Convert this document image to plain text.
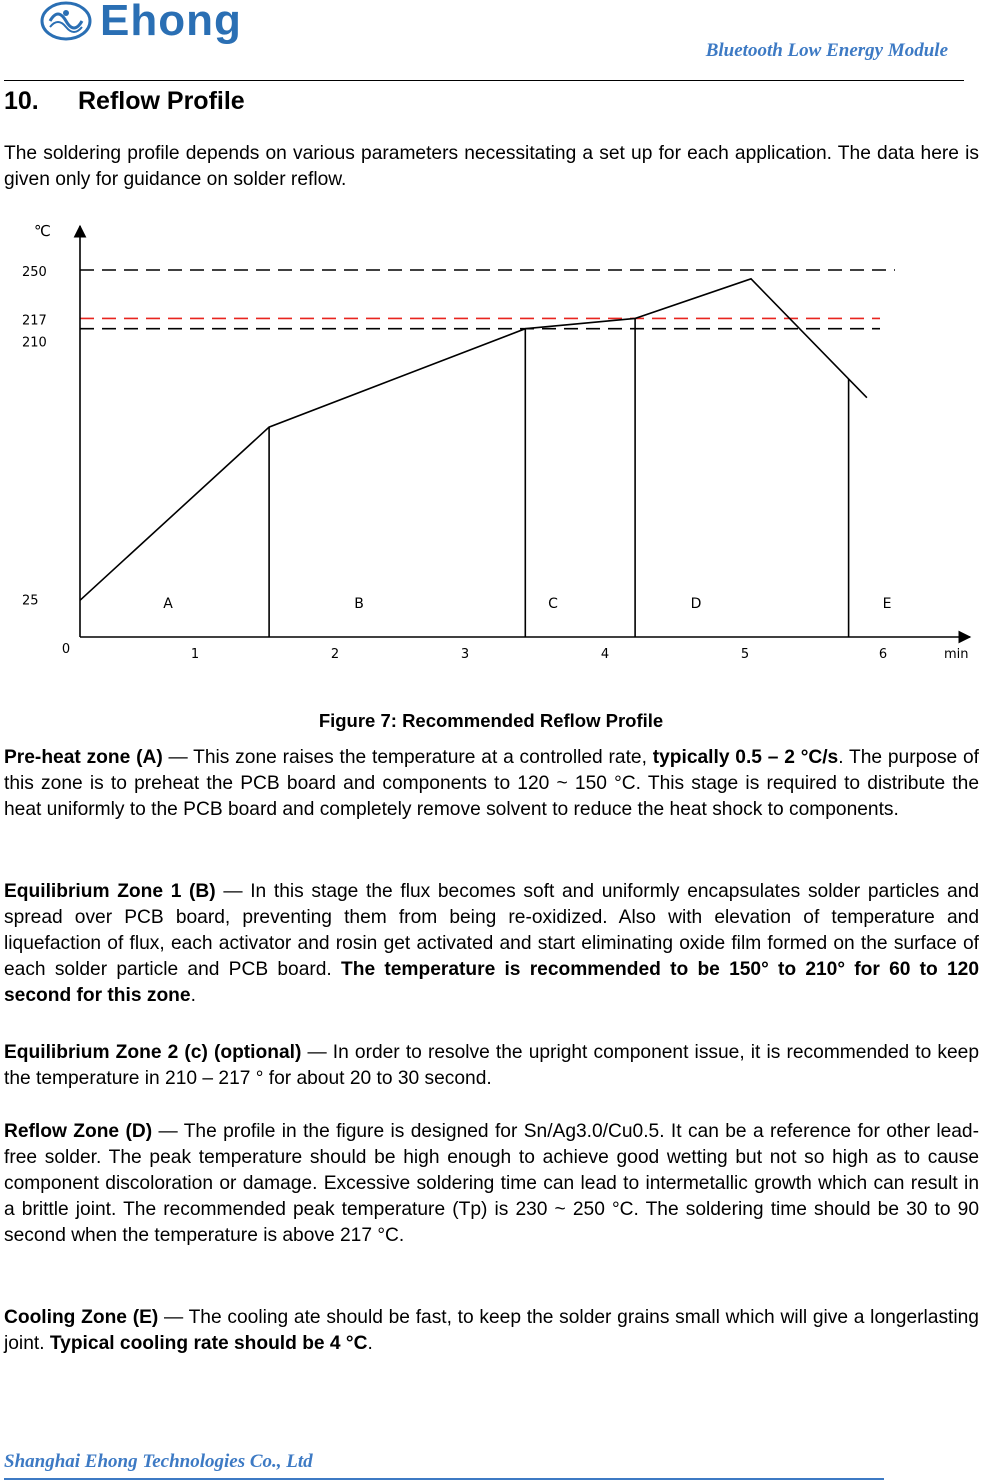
Ehong
Bluetooth Low Energy Module
10. Reflow Profile
The soldering profile depends on various parameters necessitating a set up for each application. The data here is given only for guidance on solder reflow.
25
210
217
250
0	1	2	3	4	5	6
A	B	C	D	E
℃
min
Figure 7: Recommended Reflow Profile
Pre-heat zone (A) — This zone raises the temperature at a controlled rate, typically 0.5 – 2 °C/s. The purpose of this zone is to preheat the PCB board and components to 120 ~ 150 °C. This stage is required to distribute the heat uniformly to the PCB board and completely remove solvent to reduce the heat shock to components.
Equilibrium Zone 1 (B) — In this stage the flux becomes soft and uniformly encapsulates solder particles and spread over PCB board, preventing them from being re-oxidized. Also with elevation of temperature and liquefaction of flux, each activator and rosin get activated and start eliminating oxide film formed on the surface of each solder particle and PCB board. The temperature is recommended to be 150° to 210° for 60 to 120 second for this zone.
Equilibrium Zone 2 (c) (optional) — In order to resolve the upright component issue, it is recommended to keep the temperature in 210 – 217 ° for about 20 to 30 second.
Reflow Zone (D) — The profile in the figure is designed for Sn/Ag3.0/Cu0.5. It can be a reference for other lead-free solder. The peak temperature should be high enough to achieve good wetting but not so high as to cause component discoloration or damage. Excessive soldering time can lead to intermetallic growth which can result in a brittle joint. The recommended peak temperature (Tp) is 230 ~ 250 °C. The soldering time should be 30 to 90 second when the temperature is above 217 °C.
Cooling Zone (E) — The cooling ate should be fast, to keep the solder grains small which will give a longerlasting joint. Typical cooling rate should be 4 °C.
Shanghai Ehong Technologies Co., Ltd
